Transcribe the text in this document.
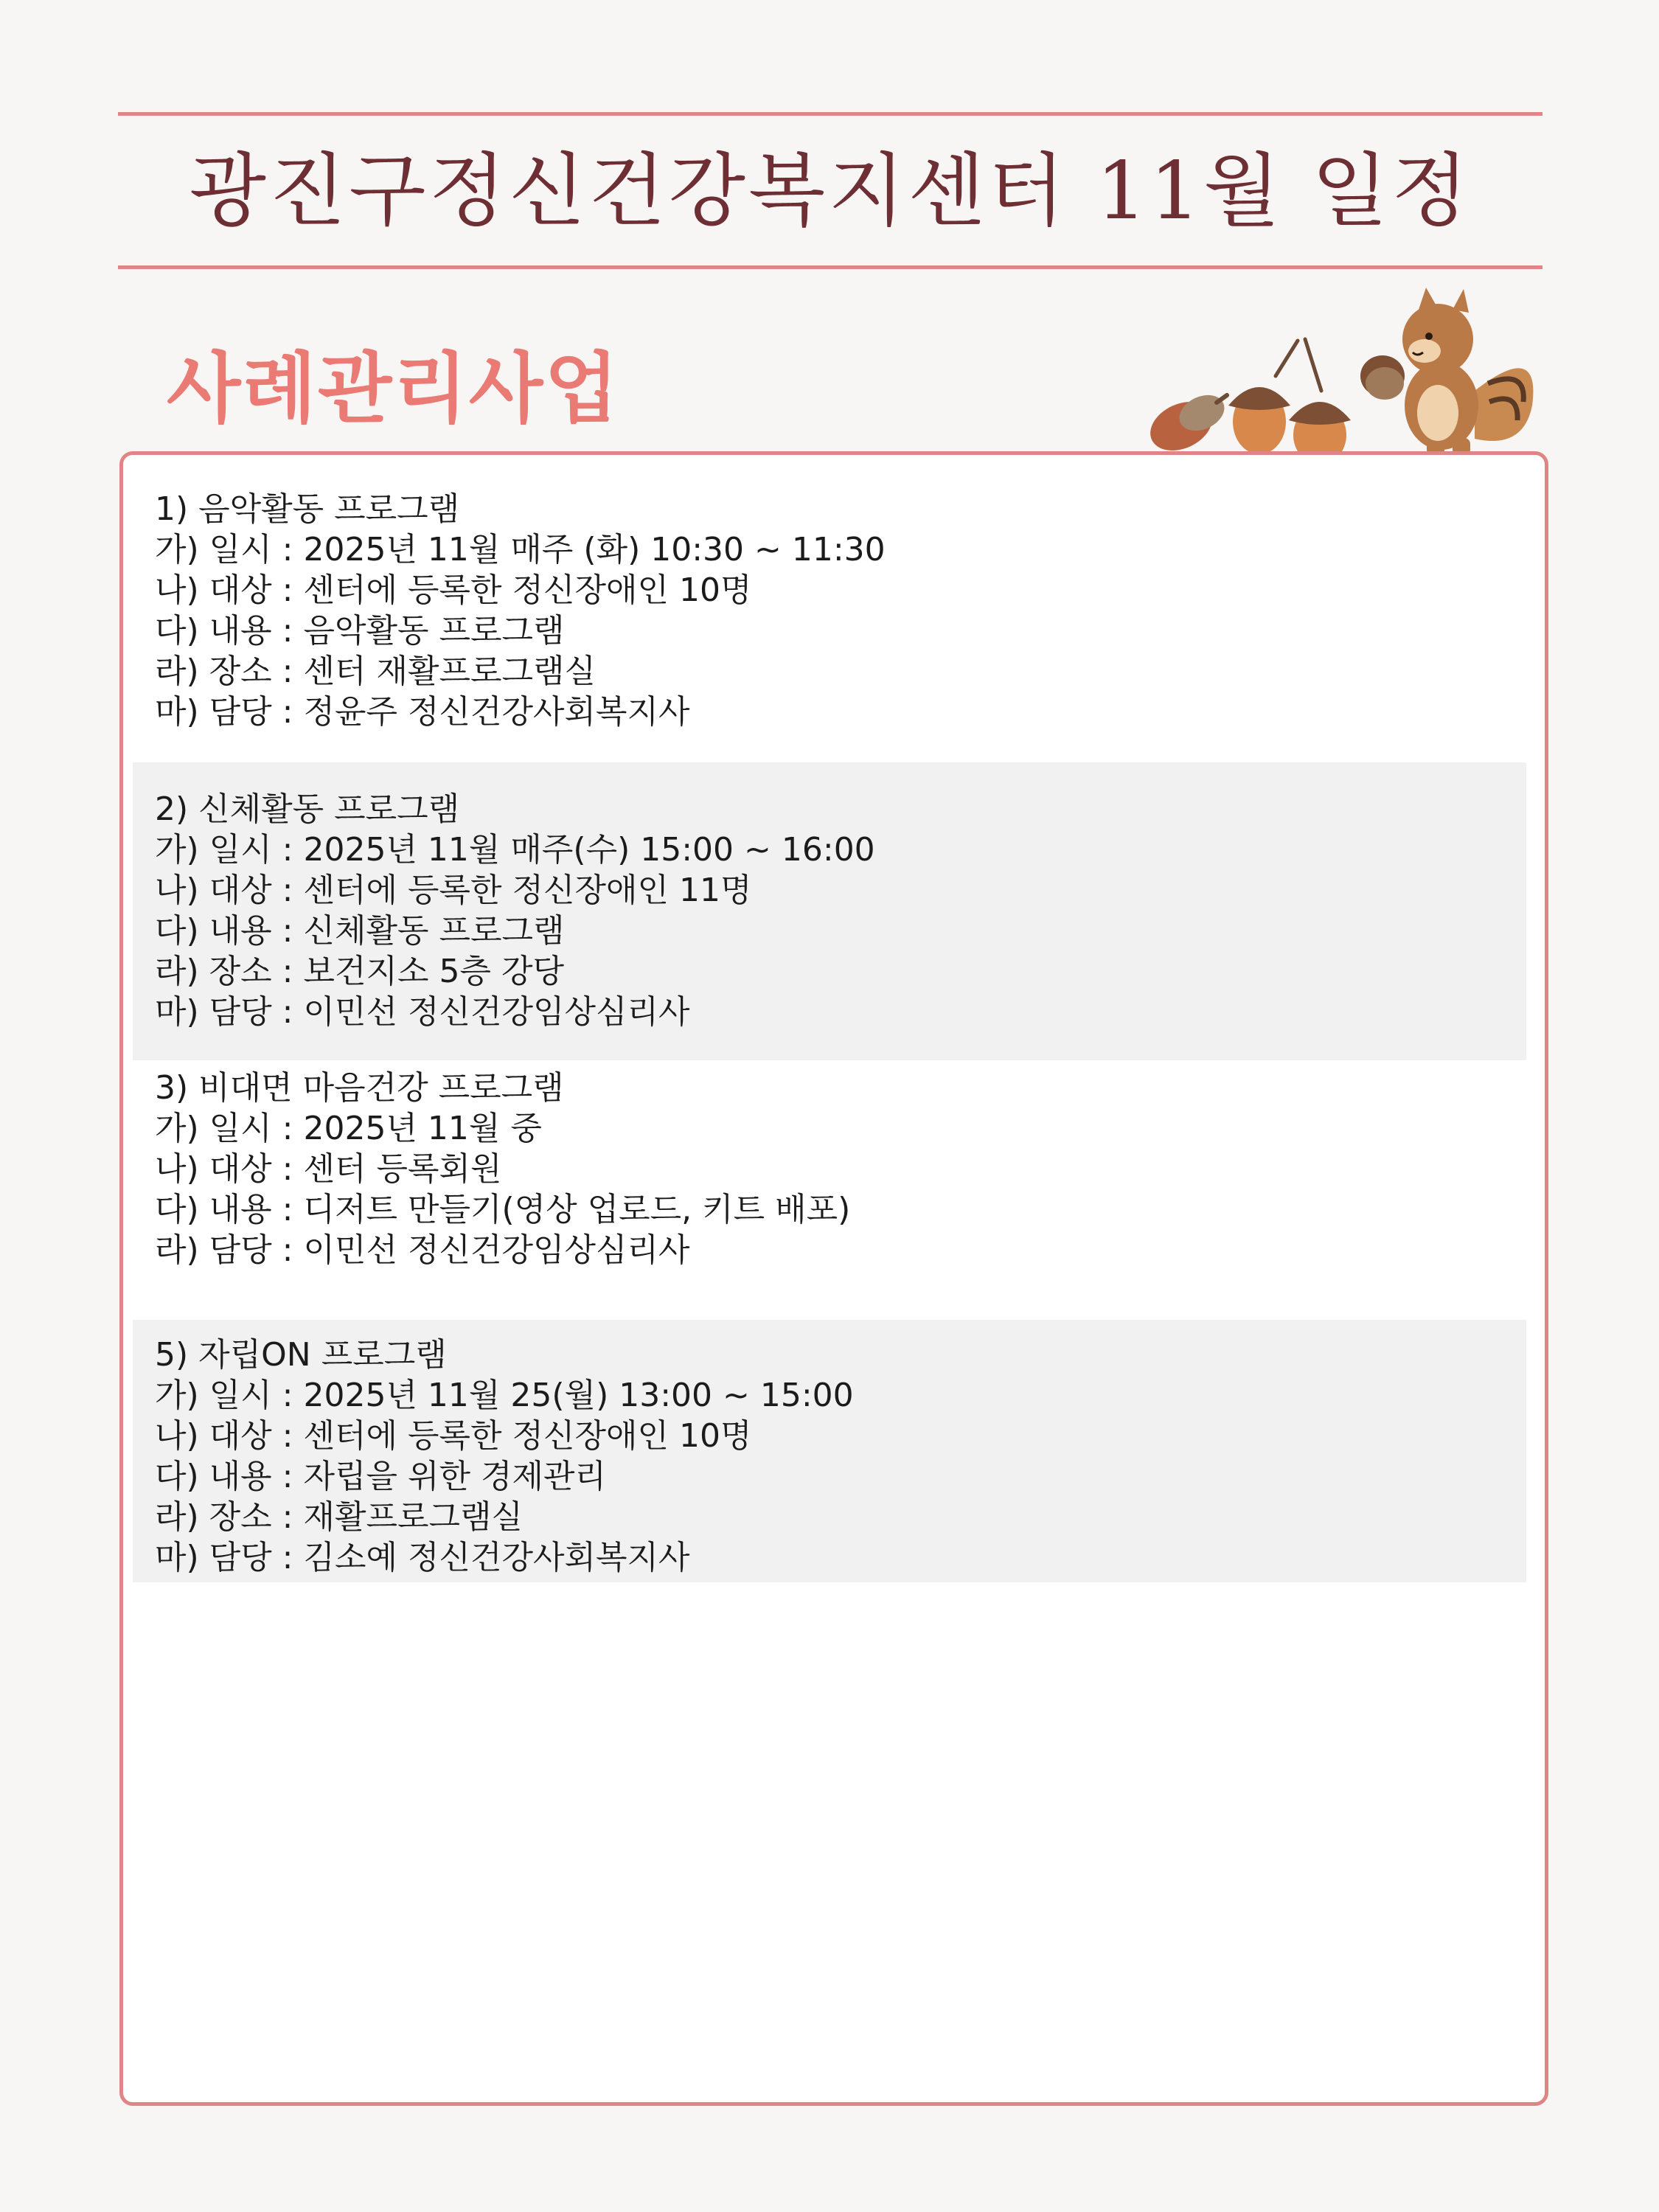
광진구정신건강복지센터 11월 일정
사례관리사업
1) 음악활동 프로그램
가) 일시 : 2025년 11월 매주 (화) 10:30 ~ 11:30
나) 대상 : 센터에 등록한 정신장애인 10명
다) 내용 : 음악활동 프로그램
라) 장소 : 센터 재활프로그램실
마) 담당 : 정윤주 정신건강사회복지사
2) 신체활동 프로그램
가) 일시 : 2025년 11월 매주(수) 15:00 ~ 16:00
나) 대상 : 센터에 등록한 정신장애인 11명
다) 내용 : 신체활동 프로그램
라) 장소 : 보건지소 5층 강당
마) 담당 : 이민선 정신건강임상심리사
3) 비대면 마음건강 프로그램
가) 일시 : 2025년 11월 중
나) 대상 : 센터 등록회원
다) 내용 : 디저트 만들기(영상 업로드, 키트 배포)
라) 담당 : 이민선 정신건강임상심리사
5) 자립ON 프로그램
가) 일시 : 2025년 11월 25(월) 13:00 ~ 15:00
나) 대상 : 센터에 등록한 정신장애인 10명
다) 내용 : 자립을 위한 경제관리
라) 장소 : 재활프로그램실
마) 담당 : 김소예 정신건강사회복지사
